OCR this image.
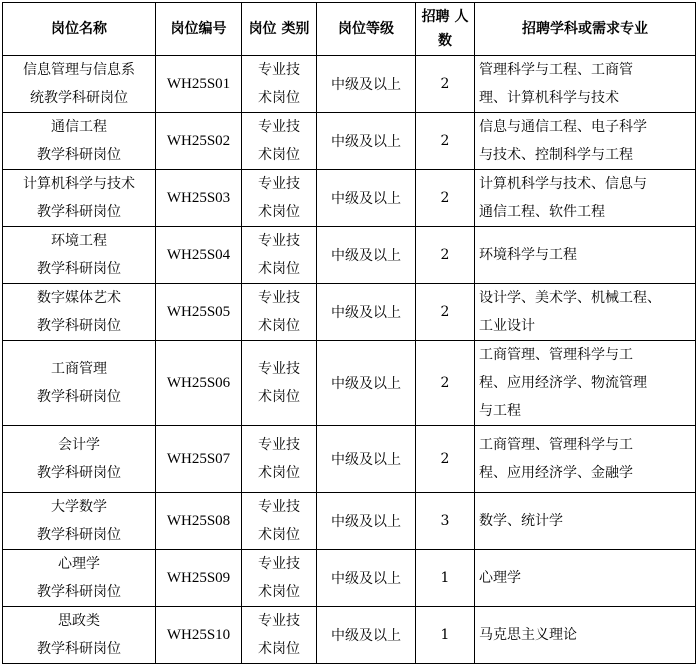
岗位名称	岗位编号	岗位 类别	岗位等级	招聘 人数	招聘学科或需求专业

信息管理与信息系
统教学科研岗位	WH25S01	专业技
术岗位	中级及以上	2	管理科学与工程、工商管
理、计算机科学与技术

通信工程
教学科研岗位	WH25S02	专业技
术岗位	中级及以上	2	信息与通信工程、电子科学
与技术、控制科学与工程

计算机科学与技术
教学科研岗位	WH25S03	专业技
术岗位	中级及以上	2	计算机科学与技术、信息与
通信工程、软件工程

环境工程
教学科研岗位	WH25S04	专业技
术岗位	中级及以上	2	环境科学与工程

数字媒体艺术
教学科研岗位	WH25S05	专业技
术岗位	中级及以上	2	设计学、美术学、机械工程、
工业设计

工商管理
教学科研岗位	WH25S06	专业技
术岗位	中级及以上	2	工商管理、管理科学与工
程、应用经济学、物流管理
与工程

会计学
教学科研岗位	WH25S07	专业技
术岗位	中级及以上	2	工商管理、管理科学与工
程、应用经济学、金融学

大学数学
教学科研岗位	WH25S08	专业技
术岗位	中级及以上	3	数学、统计学

心理学
教学科研岗位	WH25S09	专业技
术岗位	中级及以上	1	心理学

思政类
教学科研岗位	WH25S10	专业技
术岗位	中级及以上	1	马克思主义理论
